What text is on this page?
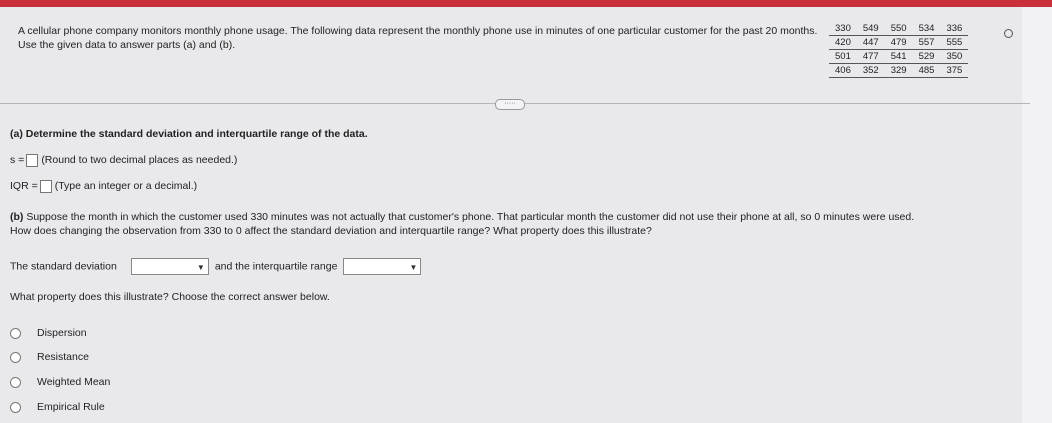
A cellular phone company monitors monthly phone usage. The following data represent the monthly phone use in minutes of one particular customer for the past 20 months. Use the given data to answer parts (a) and (b).
330	549	550	534	336
420	447	479	557	555
501	477	541	529	350
406	352	329	485	375
·····
(a) Determine the standard deviation and interquartile range of the data.
s = (Round to two decimal places as needed.)
IQR = (Type an integer or a decimal.)
(b) Suppose the month in which the customer used 330 minutes was not actually that customer's phone. That particular month the customer did not use their phone at all, so 0 minutes were used.
How does changing the observation from 330 to 0 affect the standard deviation and interquartile range? What property does this illustrate?
The standard deviation	▼ and the interquartile range	▼
What property does this illustrate? Choose the correct answer below.
Dispersion
Resistance
Weighted Mean
Empirical Rule
